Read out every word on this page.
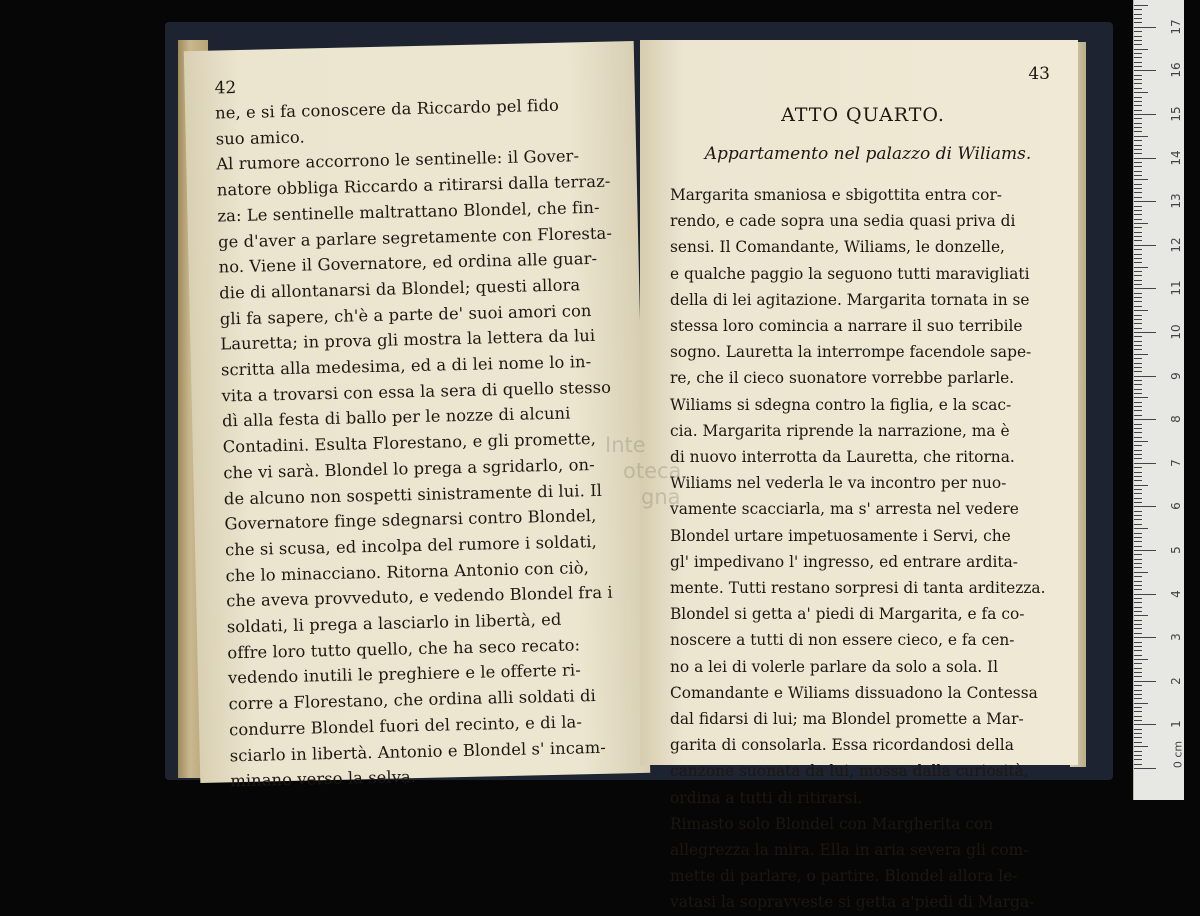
42
ne, e si fa conoscere da Riccardo pel fido
suo amico.
Al rumore accorrono le sentinelle: il Gover-
natore obbliga Riccardo a ritirarsi dalla terraz-
za: Le sentinelle maltrattano Blondel, che fin-
ge d'aver a parlare segretamente con Floresta-
no. Viene il Governatore, ed ordina alle guar-
die di allontanarsi da Blondel; questi allora
gli fa sapere, ch'è a parte de' suoi amori con
Lauretta; in prova gli mostra la lettera da lui
scritta alla medesima, ed a di lei nome lo in-
vita a trovarsi con essa la sera di quello stesso
dì alla festa di ballo per le nozze di alcuni
Contadini. Esulta Florestano, e gli promette,
che vi sarà. Blondel lo prega a sgridarlo, on-
de alcuno non sospetti sinistramente di lui. Il
Governatore finge sdegnarsi contro Blondel,
che si scusa, ed incolpa del rumore i soldati,
che lo minacciano. Ritorna Antonio con ciò,
che aveva provveduto, e vedendo Blondel fra i
soldati, li prega a lasciarlo in libertà, ed
offre loro tutto quello, che ha seco recato:
vedendo inutili le preghiere e le offerte ri-
corre a Florestano, che ordina alli soldati di
condurre Blondel fuori del recinto, e di la-
sciarlo in libertà. Antonio e Blondel s' incam-
minano verso la selva.
43
ATTO QUARTO.
Appartamento nel palazzo di Wiliams.
Margarita smaniosa e sbigottita entra cor-
rendo, e cade sopra una sedia quasi priva di
sensi. Il Comandante, Wiliams, le donzelle,
e qualche paggio la seguono tutti maravigliati
della di lei agitazione. Margarita tornata in se
stessa loro comincia a narrare il suo terribile
sogno. Lauretta la interrompe facendole sape-
re, che il cieco suonatore vorrebbe parlarle.
Wiliams si sdegna contro la figlia, e la scac-
cia. Margarita riprende la narrazione, ma è
di nuovo interrotta da Lauretta, che ritorna.
Wiliams nel vederla le va incontro per nuo-
vamente scacciarla, ma s' arresta nel vedere
Blondel urtare impetuosamente i Servi, che
gl' impedivano l' ingresso, ed entrare ardita-
mente. Tutti restano sorpresi di tanta arditezza.
Blondel si getta a' piedi di Margarita, e fa co-
noscere a tutti di non essere cieco, e fa cen-
no a lei di volerle parlare da solo a sola. Il
Comandante e Wiliams dissuadono la Contessa
dal fidarsi di lui; ma Blondel promette a Mar-
garita di consolarla. Essa ricordandosi della
canzone suonata da lui, mossa dalla curiosità,
ordina a tutti di ritirarsi.
Rimasto solo Blondel con Margherita con
allegrezza la mira. Ella in aria severa gli com-
mette di parlare, o partire. Blondel allora le-
vatasi la sopravveste si getta a'piedi di Marga-
Inte
oteca
gna
0 cm
1
2
3
4
5
6
7
8
9
10
11
12
13
14
15
16
17
